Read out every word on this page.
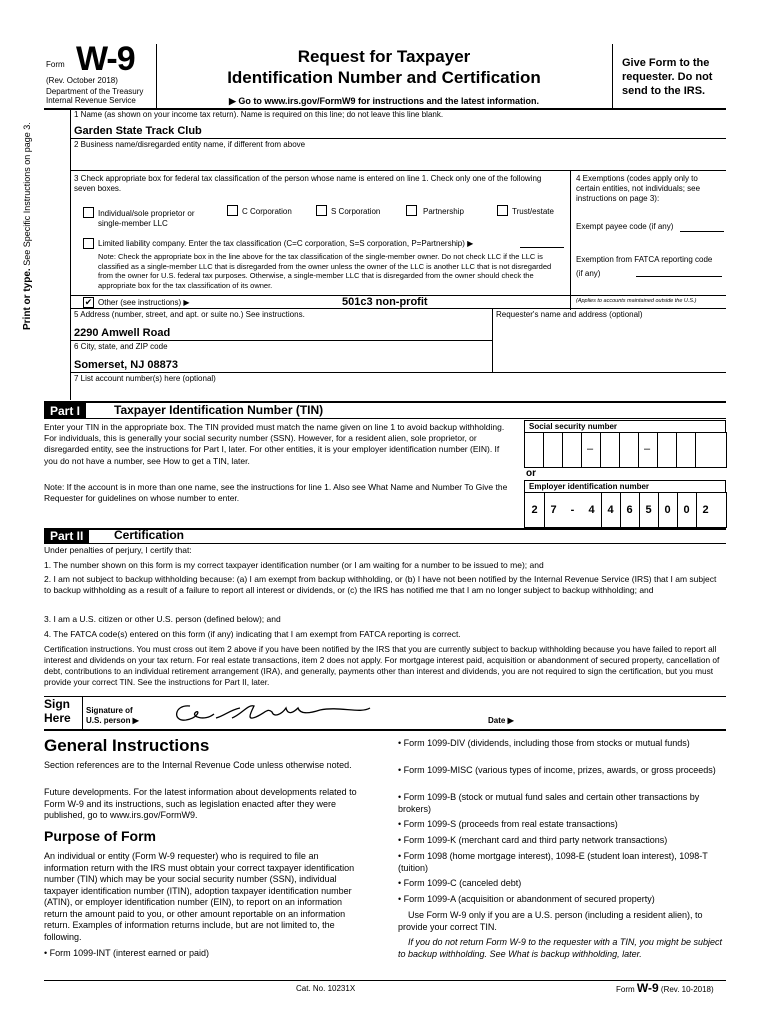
Form W-9
(Rev. October 2018)
Department of the Treasury
Internal Revenue Service
Request for Taxpayer
Identification Number and Certification
▶ Go to www.irs.gov/FormW9 for instructions and the latest information.
Give Form to the requester. Do not send to the IRS.
Print or type. See Specific Instructions on page 3.
1 Name (as shown on your income tax return). Name is required on this line; do not leave this line blank.
Garden State Track Club
2 Business name/disregarded entity name, if different from above
3 Check appropriate box for federal tax classification of the person whose name is entered on line 1. Check only one of the following seven boxes.
Individual/sole proprietor or single-member LLC
C Corporation	S Corporation	Partnership	Trust/estate
Limited liability company. Enter the tax classification (C=C corporation, S=S corporation, P=Partnership) ▶
Note: Check the appropriate box in the line above for the tax classification of the single-member owner. Do not check LLC if the LLC is classified as a single-member LLC that is disregarded from the owner unless the owner of the LLC is another LLC that is not disregarded from the owner for U.S. federal tax purposes. Otherwise, a single-member LLC that is disregarded from the owner should check the appropriate box for the tax classification of its owner.
✔ Other (see instructions) ▶	501c3 non-profit
4 Exemptions (codes apply only to certain entities, not individuals; see instructions on page 3):
Exempt payee code (if any)
Exemption from FATCA reporting code (if any)
(Applies to accounts maintained outside the U.S.)
5 Address (number, street, and apt. or suite no.) See instructions.	Requester's name and address (optional)
2290 Amwell Road
6 City, state, and ZIP code
Somerset, NJ 08873
7 List account number(s) here (optional)
Part I	Taxpayer Identification Number (TIN)
Enter your TIN in the appropriate box. The TIN provided must match the name given on line 1 to avoid backup withholding. For individuals, this is generally your social security number (SSN). However, for a resident alien, sole proprietor, or disregarded entity, see the instructions for Part I, later. For other entities, it is your employer identification number (EIN). If you do not have a number, see How to get a TIN, later.
Note: If the account is in more than one name, see the instructions for line 1. Also see What Name and Number To Give the Requester for guidelines on whose number to enter.
Social security number
–	–
or
Employer identification number
2	7	-	4	4	6	5	0	0	2
Part II	Certification
Under penalties of perjury, I certify that:
1. The number shown on this form is my correct taxpayer identification number (or I am waiting for a number to be issued to me); and
2. I am not subject to backup withholding because: (a) I am exempt from backup withholding, or (b) I have not been notified by the Internal Revenue Service (IRS) that I am subject to backup withholding as a result of a failure to report all interest or dividends, or (c) the IRS has notified me that I am no longer subject to backup withholding; and
3. I am a U.S. citizen or other U.S. person (defined below); and
4. The FATCA code(s) entered on this form (if any) indicating that I am exempt from FATCA reporting is correct.
Certification instructions. You must cross out item 2 above if you have been notified by the IRS that you are currently subject to backup withholding because you have failed to report all interest and dividends on your tax return. For real estate transactions, item 2 does not apply. For mortgage interest paid, acquisition or abandonment of secured property, cancellation of debt, contributions to an individual retirement arrangement (IRA), and generally, payments other than interest and dividends, you are not required to sign the certification, but you must provide your correct TIN. See the instructions for Part II, later.
Sign
Here
Signature of
U.S. person ▶	Date ▶
General Instructions
Section references are to the Internal Revenue Code unless otherwise noted.
Future developments. For the latest information about developments related to Form W-9 and its instructions, such as legislation enacted after they were published, go to www.irs.gov/FormW9.
Purpose of Form
An individual or entity (Form W-9 requester) who is required to file an information return with the IRS must obtain your correct taxpayer identification number (TIN) which may be your social security number (SSN), individual taxpayer identification number (ITIN), adoption taxpayer identification number (ATIN), or employer identification number (EIN), to report on an information return the amount paid to you, or other amount reportable on an information return. Examples of information returns include, but are not limited to, the following.
• Form 1099-INT (interest earned or paid)
• Form 1099-DIV (dividends, including those from stocks or mutual funds)
• Form 1099-MISC (various types of income, prizes, awards, or gross proceeds)
• Form 1099-B (stock or mutual fund sales and certain other transactions by brokers)
• Form 1099-S (proceeds from real estate transactions)
• Form 1099-K (merchant card and third party network transactions)
• Form 1098 (home mortgage interest), 1098-E (student loan interest), 1098-T (tuition)
• Form 1099-C (canceled debt)
• Form 1099-A (acquisition or abandonment of secured property)
Use Form W-9 only if you are a U.S. person (including a resident alien), to provide your correct TIN.
If you do not return Form W-9 to the requester with a TIN, you might be subject to backup withholding. See What is backup withholding, later.
Cat. No. 10231X	Form W-9 (Rev. 10-2018)
